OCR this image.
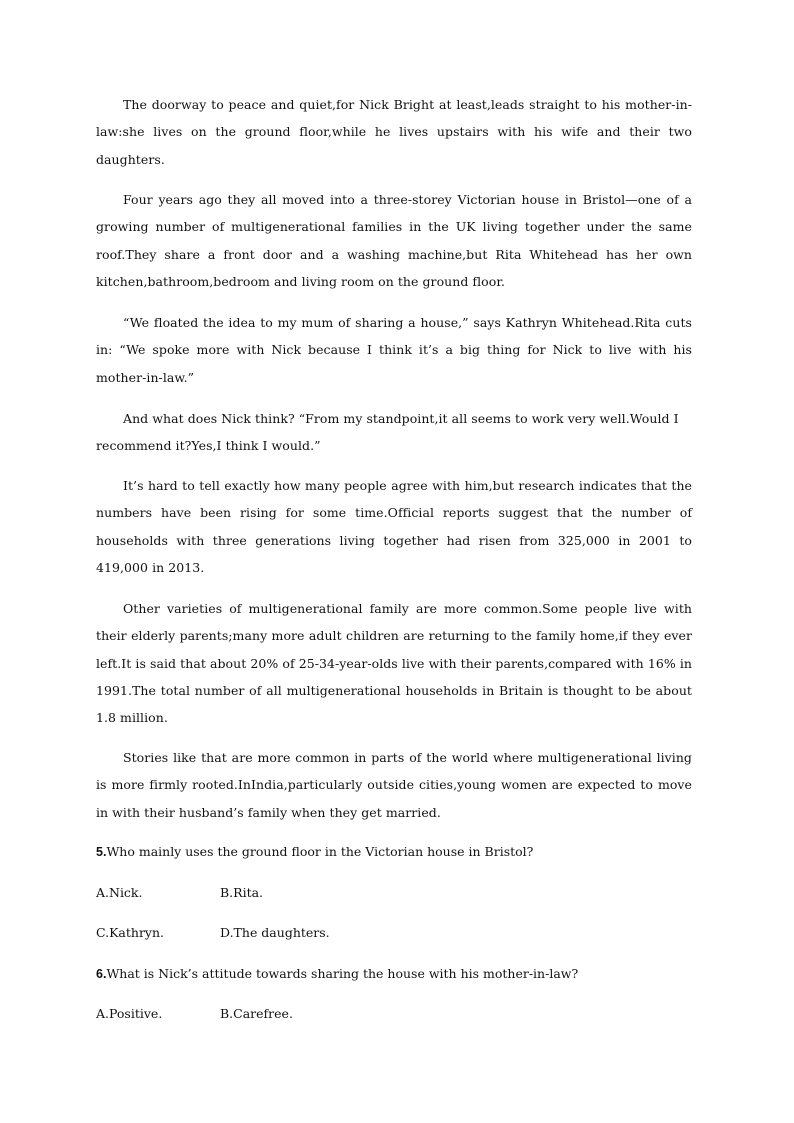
The doorway to peace and quiet,for Nick Bright at least,leads straight to his mother-in-law:she lives on the ground floor,while he lives upstairs with his wife and their two daughters.

Four years ago they all moved into a three-storey Victorian house in Bristol—one of a growing number of multigenerational families in the UK living together under the same roof.They share a front door and a washing machine,but Rita Whitehead has her own kitchen,bathroom,bedroom and living room on the ground floor.

“We floated the idea to my mum of sharing a house,” says Kathryn Whitehead.Rita cuts in: “We spoke more with Nick because I think it’s a big thing for Nick to live with his mother-in-law.”

And what does Nick think? “From my standpoint,it all seems to work very well.Would I recommend it?Yes,I think I would.”

It’s hard to tell exactly how many people agree with him,but research indicates that the numbers have been rising for some time.Official reports suggest that the number of households with three generations living together had risen from 325,000 in 2001 to 419,000 in 2013.

Other varieties of multigenerational family are more common.Some people live with their elderly parents;many more adult children are returning to the family home,if they ever left.It is said that about 20% of 25-34-year-olds live with their parents,compared with 16% in 1991.The total number of all multigenerational households in Britain is thought to be about 1.8 million.

Stories like that are more common in parts of the world where multigenerational living is more firmly rooted.InIndia,particularly outside cities,young women are expected to move in with their husband’s family when they get married.

5.Who mainly uses the ground floor in the Victorian house in Bristol?
A.Nick.	B.Rita.
C.Kathryn.	D.The daughters.
6.What is Nick’s attitude towards sharing the house with his mother-in-law?
A.Positive.	B.Carefree.
